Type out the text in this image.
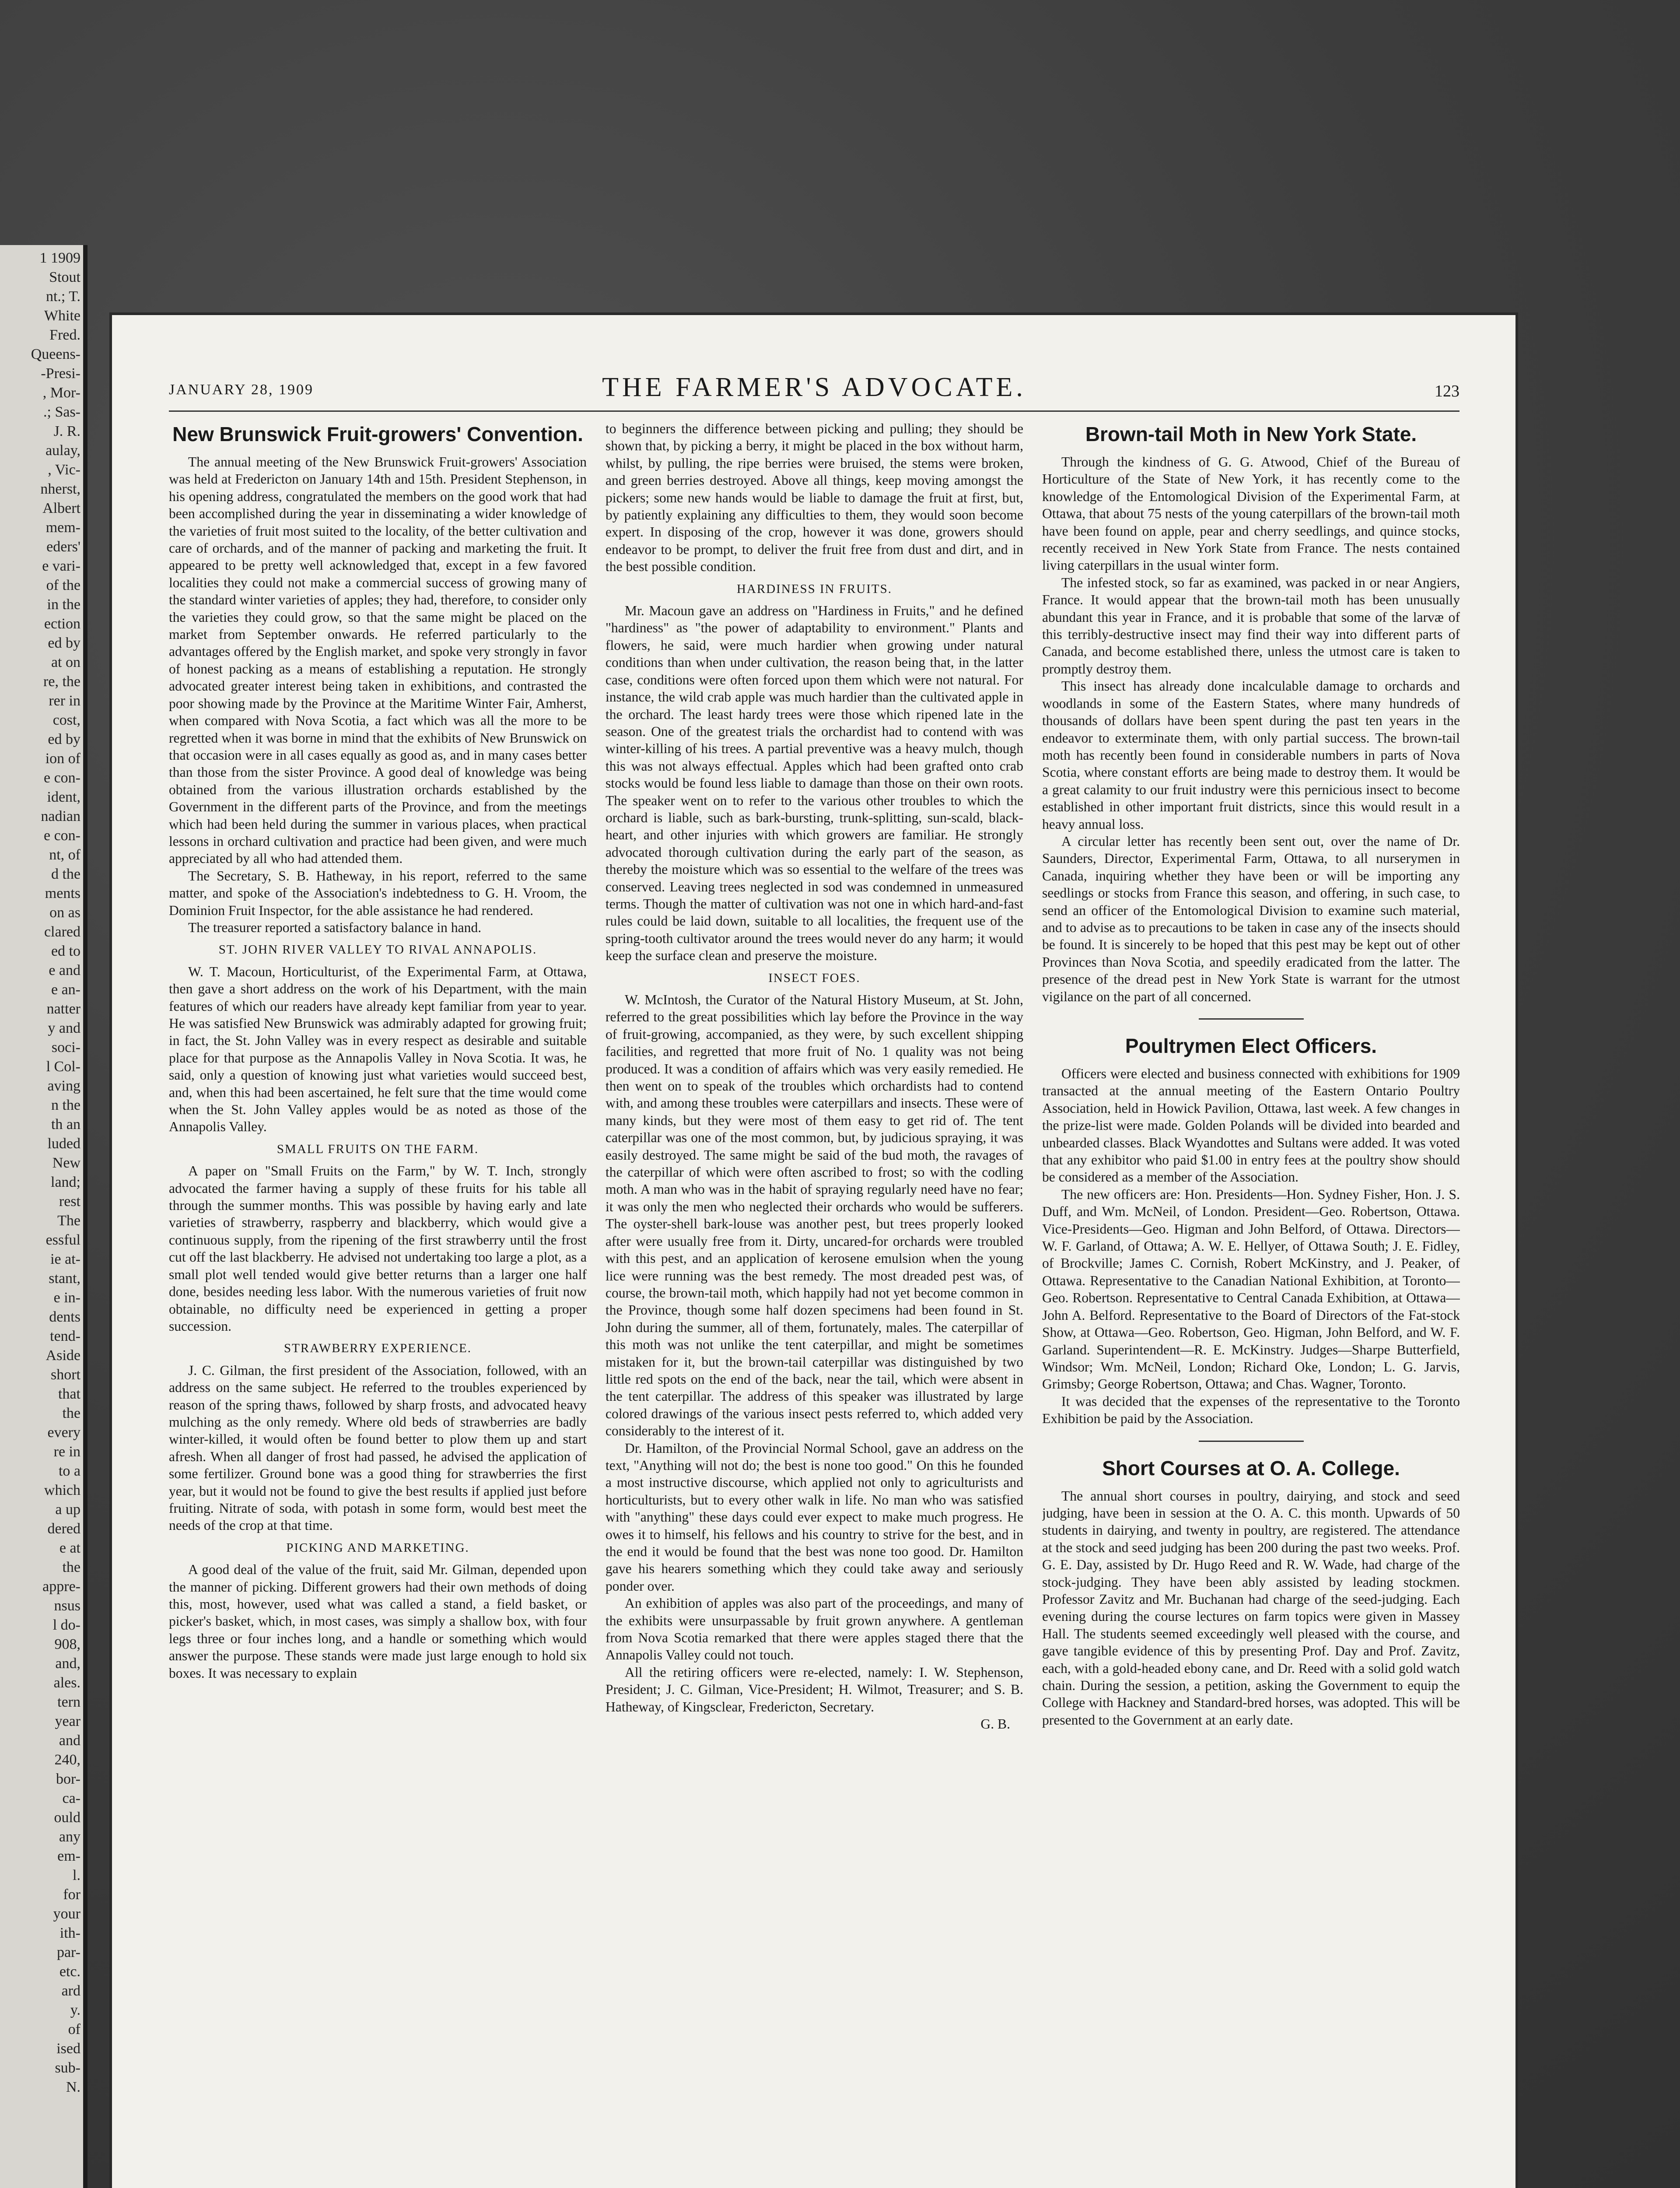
1 1909
Stout
nt.; T.
White
Fred.
Queens-
-Presi-
, Mor-
.; Sas-
J. R.
aulay,
, Vic-
nherst,
Albert
mem-
eders'
e vari-
of the
in the
ection
ed by
at on
re, the
rer in
cost,
ed by
ion of
e con-
ident,
nadian
e con-
nt, of
d the
ments
on as
clared
ed to
e and
e an-
natter
y and
soci-
l Col-
aving
n the
th an
luded
New
land;
rest
The
essful
ie at-
stant,
e in-
dents
tend-
Aside
short
that
the
every
re in
to a
which
a up
dered
e at
the
appre-
nsus
l do-
908,
and,
ales.
tern
year
and
240,
bor-
ca-
ould
any
em-
l.
for
your
ith-
par-
etc.
ard
y.
of
ised
sub-
N.
JANUARY 28, 1909	THE FARMER'S ADVOCATE.	123
New Brunswick Fruit-growers' Convention.

The annual meeting of the New Brunswick Fruit-growers' Association was held at Fredericton on January 14th and 15th. President Stephenson, in his opening address, congratulated the members on the good work that had been accomplished during the year in disseminating a wider knowledge of the varieties of fruit most suited to the locality, of the better cultivation and care of orchards, and of the manner of packing and marketing the fruit. It appeared to be pretty well acknowledged that, except in a few favored localities they could not make a commercial success of growing many of the standard winter varieties of apples; they had, therefore, to consider only the varieties they could grow, so that the same might be placed on the market from September onwards. He referred particularly to the advantages offered by the English market, and spoke very strongly in favor of honest packing as a means of establishing a reputation. He strongly advocated greater interest being taken in exhibitions, and contrasted the poor showing made by the Province at the Maritime Winter Fair, Amherst, when compared with Nova Scotia, a fact which was all the more to be regretted when it was borne in mind that the exhibits of New Brunswick on that occasion were in all cases equally as good as, and in many cases better than those from the sister Province. A good deal of knowledge was being obtained from the various illustration orchards established by the Government in the different parts of the Province, and from the meetings which had been held during the summer in various places, when practical lessons in orchard cultivation and practice had been given, and were much appreciated by all who had attended them.

The Secretary, S. B. Hatheway, in his report, referred to the same matter, and spoke of the Association's indebtedness to G. H. Vroom, the Dominion Fruit Inspector, for the able assistance he had rendered.

The treasurer reported a satisfactory balance in hand.

ST. JOHN RIVER VALLEY TO RIVAL ANNAPOLIS.

W. T. Macoun, Horticulturist, of the Experimental Farm, at Ottawa, then gave a short address on the work of his Department, with the main features of which our readers have already kept familiar from year to year. He was satisfied New Brunswick was admirably adapted for growing fruit; in fact, the St. John Valley was in every respect as desirable and suitable place for that purpose as the Annapolis Valley in Nova Scotia. It was, he said, only a question of knowing just what varieties would succeed best, and, when this had been ascertained, he felt sure that the time would come when the St. John Valley apples would be as noted as those of the Annapolis Valley.

SMALL FRUITS ON THE FARM.

A paper on "Small Fruits on the Farm," by W. T. Inch, strongly advocated the farmer having a supply of these fruits for his table all through the summer months. This was possible by having early and late varieties of strawberry, raspberry and blackberry, which would give a continuous supply, from the ripening of the first strawberry until the frost cut off the last blackberry. He advised not undertaking too large a plot, as a small plot well tended would give better returns than a larger one half done, besides needing less labor. With the numerous varieties of fruit now obtainable, no difficulty need be experienced in getting a proper succession.

STRAWBERRY EXPERIENCE.

J. C. Gilman, the first president of the Association, followed, with an address on the same subject. He referred to the troubles experienced by reason of the spring thaws, followed by sharp frosts, and advocated heavy mulching as the only remedy. Where old beds of strawberries are badly winter-killed, it would often be found better to plow them up and start afresh. When all danger of frost had passed, he advised the application of some fertilizer. Ground bone was a good thing for strawberries the first year, but it would not be found to give the best results if applied just before fruiting. Nitrate of soda, with potash in some form, would best meet the needs of the crop at that time.

PICKING AND MARKETING.

A good deal of the value of the fruit, said Mr. Gilman, depended upon the manner of picking. Different growers had their own methods of doing this, most, however, used what was called a stand, a field basket, or picker's basket, which, in most cases, was simply a shallow box, with four legs three or four inches long, and a handle or something which would answer the purpose. These stands were made just large enough to hold six boxes. It was necessary to explain

to beginners the difference between picking and pulling; they should be shown that, by picking a berry, it might be placed in the box without harm, whilst, by pulling, the ripe berries were bruised, the stems were broken, and green berries destroyed. Above all things, keep moving amongst the pickers; some new hands would be liable to damage the fruit at first, but, by patiently explaining any difficulties to them, they would soon become expert. In disposing of the crop, however it was done, growers should endeavor to be prompt, to deliver the fruit free from dust and dirt, and in the best possible condition.

HARDINESS IN FRUITS.

Mr. Macoun gave an address on "Hardiness in Fruits," and he defined "hardiness" as "the power of adaptability to environment." Plants and flowers, he said, were much hardier when growing under natural conditions than when under cultivation, the reason being that, in the latter case, conditions were often forced upon them which were not natural. For instance, the wild crab apple was much hardier than the cultivated apple in the orchard. The least hardy trees were those which ripened late in the season. One of the greatest trials the orchardist had to contend with was winter-killing of his trees. A partial preventive was a heavy mulch, though this was not always effectual. Apples which had been grafted onto crab stocks would be found less liable to damage than those on their own roots. The speaker went on to refer to the various other troubles to which the orchard is liable, such as bark-bursting, trunk-splitting, sun-scald, black-heart, and other injuries with which growers are familiar. He strongly advocated thorough cultivation during the early part of the season, as thereby the moisture which was so essential to the welfare of the trees was conserved. Leaving trees neglected in sod was condemned in unmeasured terms. Though the matter of cultivation was not one in which hard-and-fast rules could be laid down, suitable to all localities, the frequent use of the spring-tooth cultivator around the trees would never do any harm; it would keep the surface clean and preserve the moisture.

INSECT FOES.

W. McIntosh, the Curator of the Natural History Museum, at St. John, referred to the great possibilities which lay before the Province in the way of fruit-growing, accompanied, as they were, by such excellent shipping facilities, and regretted that more fruit of No. 1 quality was not being produced. It was a condition of affairs which was very easily remedied. He then went on to speak of the troubles which orchardists had to contend with, and among these troubles were caterpillars and insects. These were of many kinds, but they were most of them easy to get rid of. The tent caterpillar was one of the most common, but, by judicious spraying, it was easily destroyed. The same might be said of the bud moth, the ravages of the caterpillar of which were often ascribed to frost; so with the codling moth. A man who was in the habit of spraying regularly need have no fear; it was only the men who neglected their orchards who would be sufferers. The oyster-shell bark-louse was another pest, but trees properly looked after were usually free from it. Dirty, uncared-for orchards were troubled with this pest, and an application of kerosene emulsion when the young lice were running was the best remedy. The most dreaded pest was, of course, the brown-tail moth, which happily had not yet become common in the Province, though some half dozen specimens had been found in St. John during the summer, all of them, fortunately, males. The caterpillar of this moth was not unlike the tent caterpillar, and might be sometimes mistaken for it, but the brown-tail caterpillar was distinguished by two little red spots on the end of the back, near the tail, which were absent in the tent caterpillar. The address of this speaker was illustrated by large colored drawings of the various insect pests referred to, which added very considerably to the interest of it.

Dr. Hamilton, of the Provincial Normal School, gave an address on the text, "Anything will not do; the best is none too good." On this he founded a most instructive discourse, which applied not only to agriculturists and horticulturists, but to every other walk in life. No man who was satisfied with "anything" these days could ever expect to make much progress. He owes it to himself, his fellows and his country to strive for the best, and in the end it would be found that the best was none too good. Dr. Hamilton gave his hearers something which they could take away and seriously ponder over.

An exhibition of apples was also part of the proceedings, and many of the exhibits were unsurpassable by fruit grown anywhere. A gentleman from Nova Scotia remarked that there were apples staged there that the Annapolis Valley could not touch.

All the retiring officers were re-elected, namely: I. W. Stephenson, President; J. C. Gilman, Vice-President; H. Wilmot, Treasurer; and S. B. Hatheway, of Kingsclear, Fredericton, Secretary.

G. B.

Brown-tail Moth in New York State.

Through the kindness of G. G. Atwood, Chief of the Bureau of Horticulture of the State of New York, it has recently come to the knowledge of the Entomological Division of the Experimental Farm, at Ottawa, that about 75 nests of the young caterpillars of the brown-tail moth have been found on apple, pear and cherry seedlings, and quince stocks, recently received in New York State from France. The nests contained living caterpillars in the usual winter form.

The infested stock, so far as examined, was packed in or near Angiers, France. It would appear that the brown-tail moth has been unusually abundant this year in France, and it is probable that some of the larvæ of this terribly-destructive insect may find their way into different parts of Canada, and become established there, unless the utmost care is taken to promptly destroy them.

This insect has already done incalculable damage to orchards and woodlands in some of the Eastern States, where many hundreds of thousands of dollars have been spent during the past ten years in the endeavor to exterminate them, with only partial success. The brown-tail moth has recently been found in considerable numbers in parts of Nova Scotia, where constant efforts are being made to destroy them. It would be a great calamity to our fruit industry were this pernicious insect to become established in other important fruit districts, since this would result in a heavy annual loss.

A circular letter has recently been sent out, over the name of Dr. Saunders, Director, Experimental Farm, Ottawa, to all nurserymen in Canada, inquiring whether they have been or will be importing any seedlings or stocks from France this season, and offering, in such case, to send an officer of the Entomological Division to examine such material, and to advise as to precautions to be taken in case any of the insects should be found. It is sincerely to be hoped that this pest may be kept out of other Provinces than Nova Scotia, and speedily eradicated from the latter. The presence of the dread pest in New York State is warrant for the utmost vigilance on the part of all concerned.

Poultrymen Elect Officers.

Officers were elected and business connected with exhibitions for 1909 transacted at the annual meeting of the Eastern Ontario Poultry Association, held in Howick Pavilion, Ottawa, last week. A few changes in the prize-list were made. Golden Polands will be divided into bearded and unbearded classes. Black Wyandottes and Sultans were added. It was voted that any exhibitor who paid $1.00 in entry fees at the poultry show should be considered as a member of the Association.

The new officers are: Hon. Presidents—Hon. Sydney Fisher, Hon. J. S. Duff, and Wm. McNeil, of London. President—Geo. Robertson, Ottawa. Vice-Presidents—Geo. Higman and John Belford, of Ottawa. Directors—W. F. Garland, of Ottawa; A. W. E. Hellyer, of Ottawa South; J. E. Fidley, of Brockville; James C. Cornish, Robert McKinstry, and J. Peaker, of Ottawa. Representative to the Canadian National Exhibition, at Toronto—Geo. Robertson. Representative to Central Canada Exhibition, at Ottawa—John A. Belford. Representative to the Board of Directors of the Fat-stock Show, at Ottawa—Geo. Robertson, Geo. Higman, John Belford, and W. F. Garland. Superintendent—R. E. McKinstry. Judges—Sharpe Butterfield, Windsor; Wm. McNeil, London; Richard Oke, London; L. G. Jarvis, Grimsby; George Robertson, Ottawa; and Chas. Wagner, Toronto.

It was decided that the expenses of the representative to the Toronto Exhibition be paid by the Association.

Short Courses at O. A. College.

The annual short courses in poultry, dairying, and stock and seed judging, have been in session at the O. A. C. this month. Upwards of 50 students in dairying, and twenty in poultry, are registered. The attendance at the stock and seed judging has been 200 during the past two weeks. Prof. G. E. Day, assisted by Dr. Hugo Reed and R. W. Wade, had charge of the stock-judging. They have been ably assisted by leading stockmen. Professor Zavitz and Mr. Buchanan had charge of the seed-judging. Each evening during the course lectures on farm topics were given in Massey Hall. The students seemed exceedingly well pleased with the course, and gave tangible evidence of this by presenting Prof. Day and Prof. Zavitz, each, with a gold-headed ebony cane, and Dr. Reed with a solid gold watch chain. During the session, a petition, asking the Government to equip the College with Hackney and Standard-bred horses, was adopted. This will be presented to the Government at an early date.
